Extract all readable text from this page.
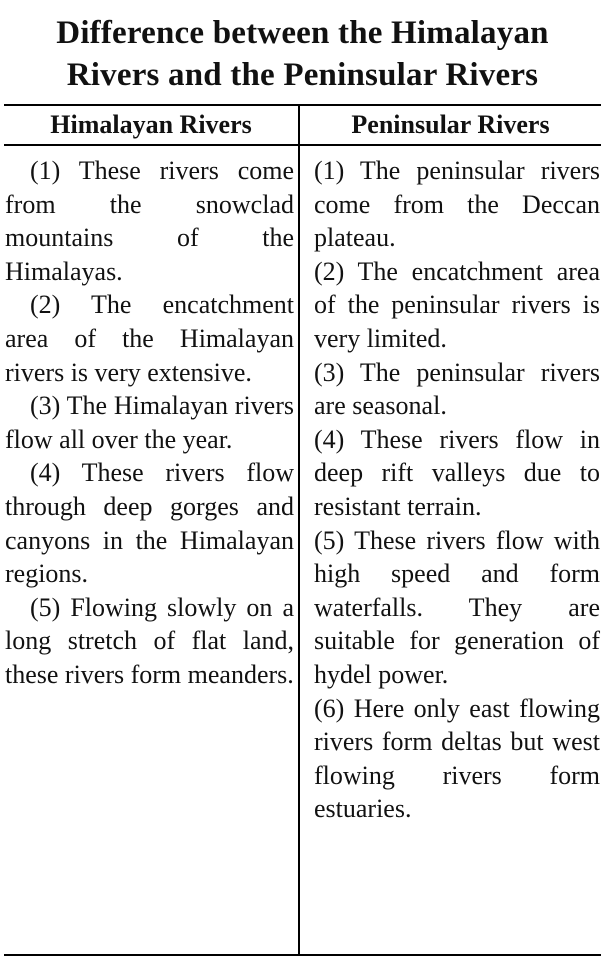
Difference between the Himalayan
Rivers and the Peninsular Rivers
Himalayan Rivers	Peninsular Rivers
(1) These rivers come from the snowclad mountains of the Himalayas.
(2) The encatchment area of the Himalayan rivers is very extensive.
(3) The Himalayan rivers flow all over the year.
(4) These rivers flow through deep gorges and canyons in the Himalayan regions.
(5) Flowing slowly on a long stretch of flat land, these rivers form meanders.
(1) The peninsular rivers come from the Deccan plateau.
(2) The encatchment area of the peninsular rivers is very limited.
(3) The peninsular rivers are seasonal.
(4) These rivers flow in deep rift valleys due to resistant terrain.
(5) These rivers flow with high speed and form waterfalls. They are suitable for generation of hydel power.
(6) Here only east flowing rivers form deltas but west flowing rivers form estuaries.
